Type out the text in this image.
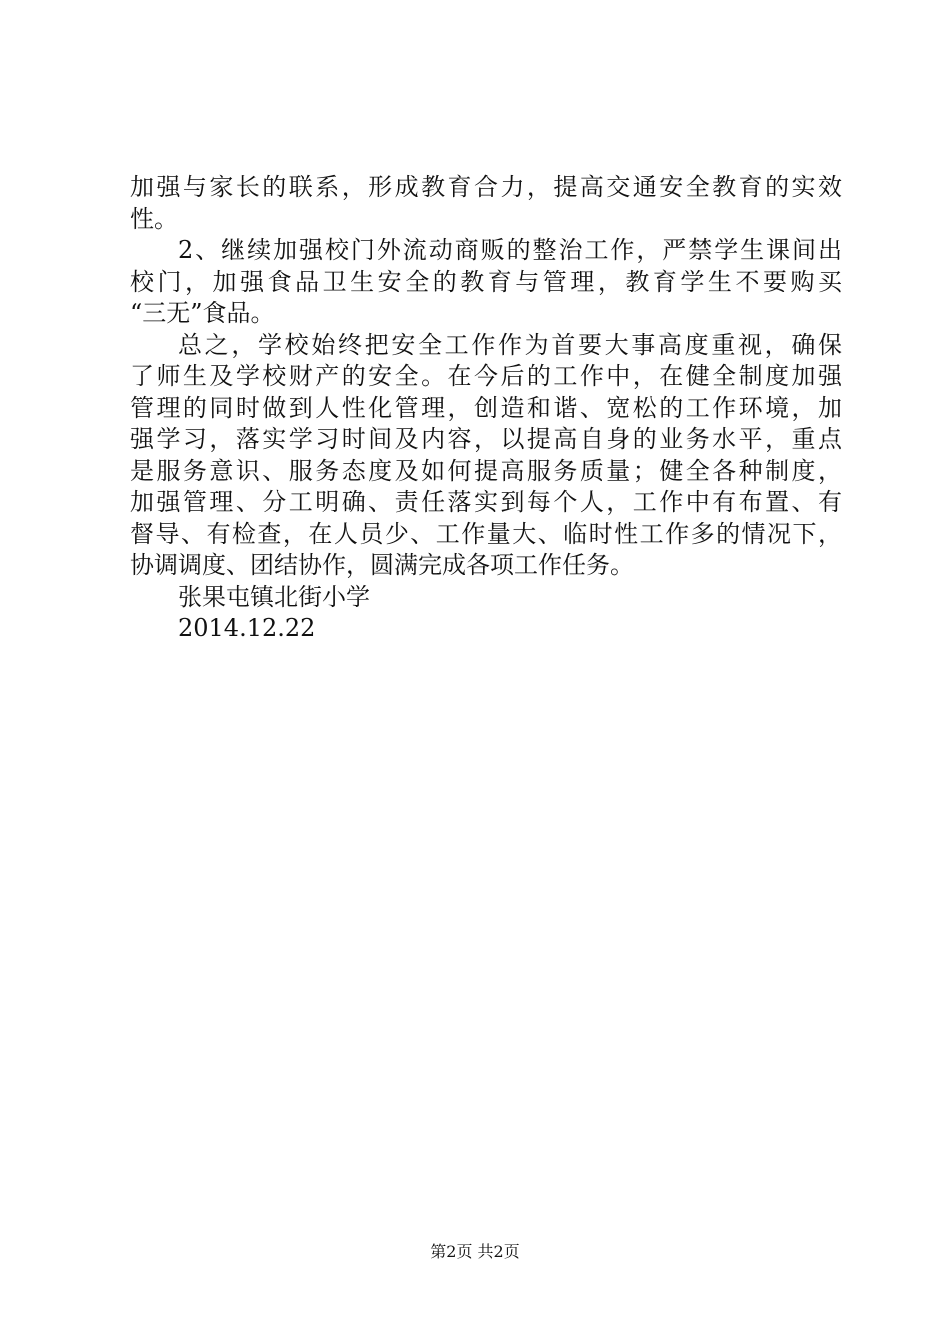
加强与家长的联系，形成教育合力，提高交通安全教育的实效
性。
2、继续加强校门外流动商贩的整治工作，严禁学生课间出
校门，加强食品卫生安全的教育与管理，教育学生不要购买
“三无”食品。
总之，学校始终把安全工作作为首要大事高度重视，确保
了师生及学校财产的安全。在今后的工作中，在健全制度加强
管理的同时做到人性化管理，创造和谐、宽松的工作环境，加
强学习，落实学习时间及内容，以提高自身的业务水平，重点
是服务意识、服务态度及如何提高服务质量；健全各种制度，
加强管理、分工明确、责任落实到每个人，工作中有布置、有
督导、有检查，在人员少、工作量大、临时性工作多的情况下，
协调调度、团结协作，圆满完成各项工作任务。
张果屯镇北街小学
2014.12.22
第2页 共2页
